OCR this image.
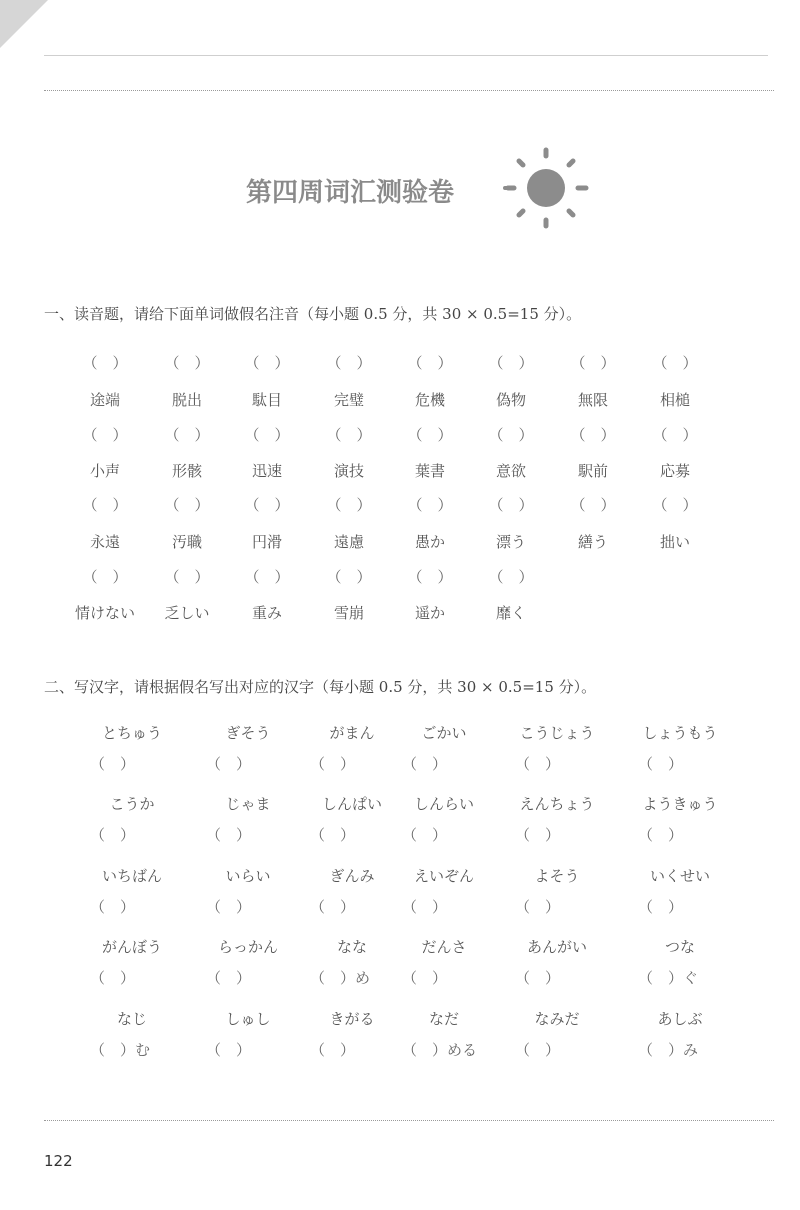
第四周词汇测验卷
一、读音题，请给下面单词做假名注音（每小题 0.5 分，共 30 × 0.5=15 分）。
（　）
途端
（　）
脱出
（　）
駄目
（　）
完璧
（　）
危機
（　）
偽物
（　）
無限
（　）
相槌
（　）
小声
（　）
形骸
（　）
迅速
（　）
演技
（　）
葉書
（　）
意欲
（　）
駅前
（　）
応募
（　）
永遠
（　）
汚職
（　）
円滑
（　）
遠慮
（　）
愚か
（　）
漂う
（　）
繕う
（　）
拙い
（　）
情けない
（　）
乏しい
（　）
重み
（　）
雪崩
（　）
遥か
（　）
靡く
二、写汉字，请根据假名写出对应的汉字（每小题 0.5 分，共 30 × 0.5=15 分）。
とちゅう
（　）
ぎそう
（　）
がまん
（　）
ごかい
（　）
こうじょう
（　）
しょうもう
（　）
こうか
（　）
じゃま
（　）
しんぱい
（　）
しんらい
（　）
えんちょう
（　）
ようきゅう
（　）
いちばん
（　）
いらい
（　）
ぎんみ
（　）
えいぞん
（　）
よそう
（　）
いくせい
（　）
がんぼう
（　）
らっかん
（　）
なな
（　）め
だんさ
（　）
あんがい
（　）
つな
（　）ぐ
なじ
（　）む
しゅし
（　）
きがる
（　）
なだ
（　）める
なみだ
（　）
あしぶ
（　）み
122
